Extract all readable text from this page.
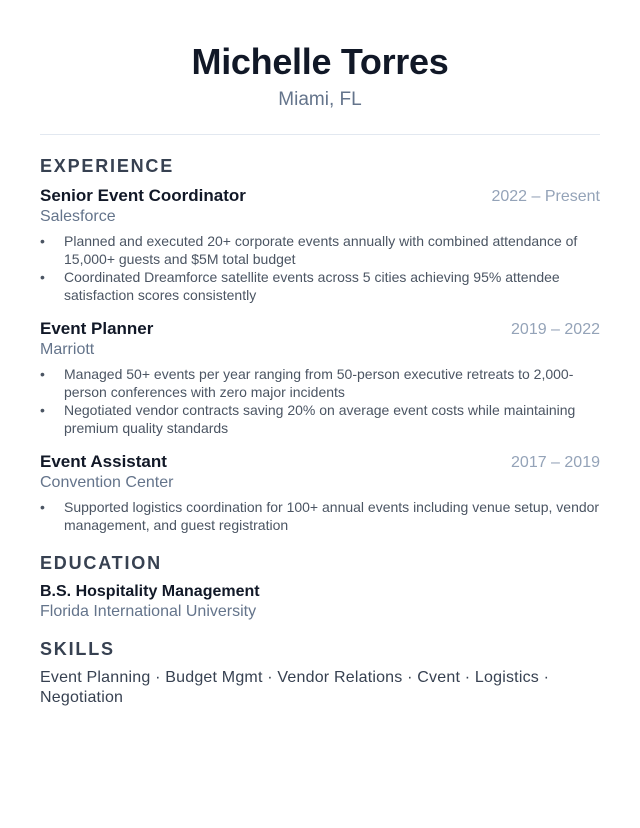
Michelle Torres
Miami, FL
EXPERIENCE
Senior Event Coordinator	2022 – Present
Salesforce
•	Planned and executed 20+ corporate events annually with combined attendance of 15,000+ guests and $5M total budget
•	Coordinated Dreamforce satellite events across 5 cities achieving 95% attendee satisfaction scores consistently
Event Planner	2019 – 2022
Marriott
•	Managed 50+ events per year ranging from 50-person executive retreats to 2,000-person conferences with zero major incidents
•	Negotiated vendor contracts saving 20% on average event costs while maintaining premium quality standards
Event Assistant	2017 – 2019
Convention Center
•	Supported logistics coordination for 100+ annual events including venue setup, vendor management, and guest registration
EDUCATION
B.S. Hospitality Management
Florida International University
SKILLS
Event Planning · Budget Mgmt · Vendor Relations · Cvent · Logistics · Negotiation
